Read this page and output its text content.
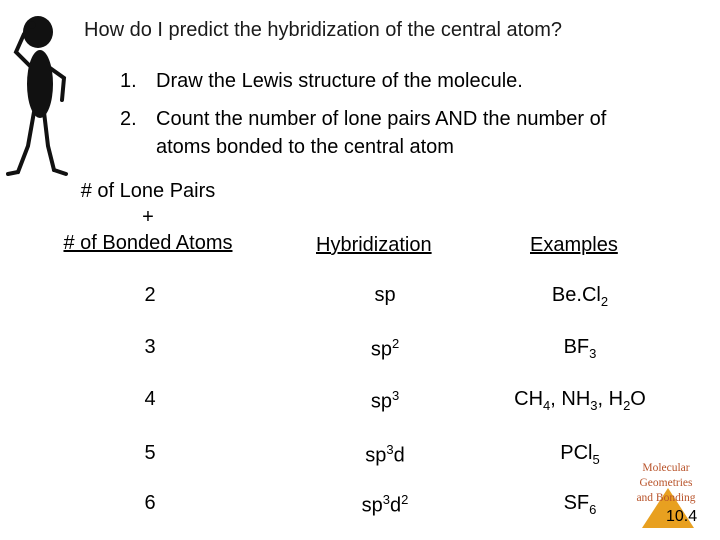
How do I predict the hybridization of the central atom?
1. Draw the Lewis structure of the molecule.
2. Count the number of lone pairs AND the number of
atoms bonded to the central atom
# of Lone Pairs
+
# of Bonded Atoms	Hybridization	Examples
2	sp	$Be.Cl_2$
3	$sp^2$	$BF_3$
4	$sp^3$	$CH_4$, $NH_3$, $H_2O$
5	$sp^3d$	PCl$_5$
6	$sp^3d^2$	$SF_6$
Molecular
Geometries
and Bonding
10.4
